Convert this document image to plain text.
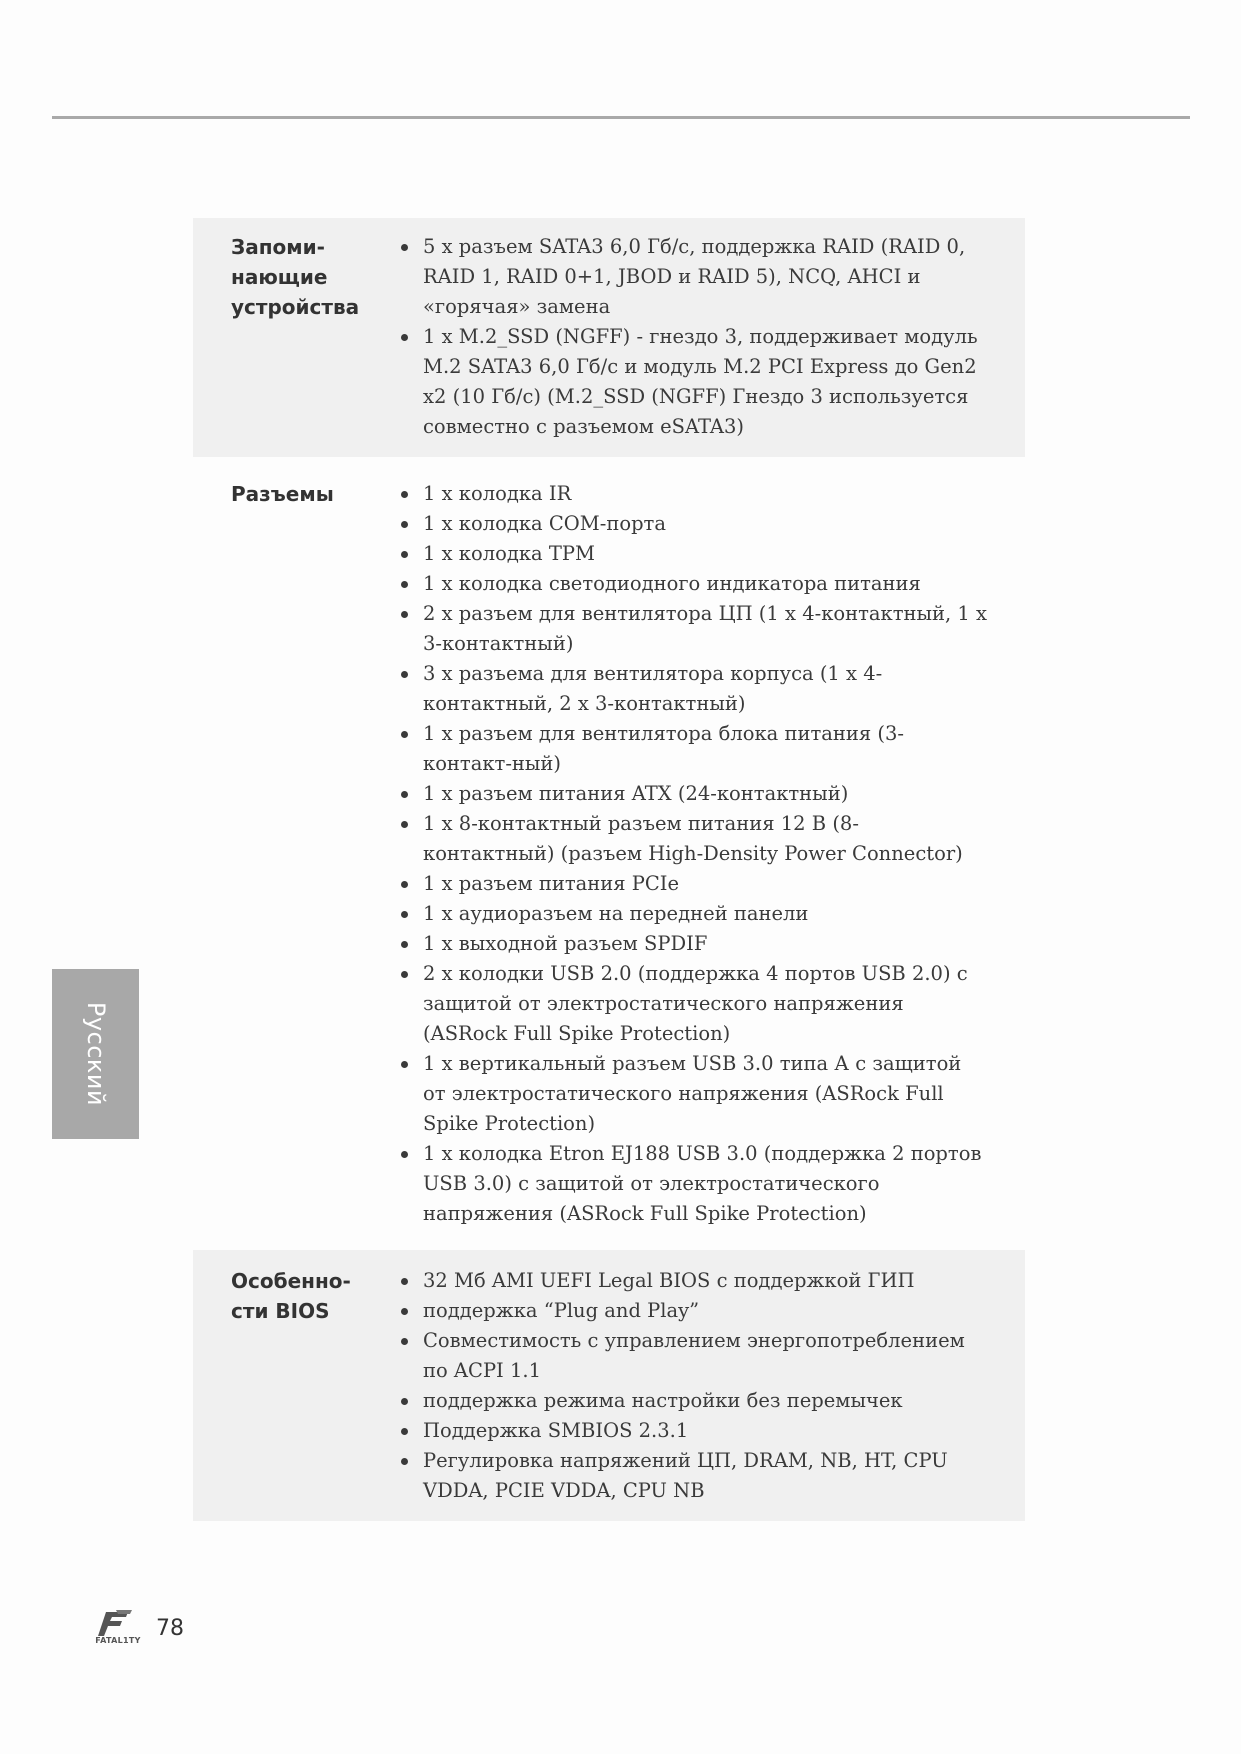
Запоми-
нающие
устройства
5 x разъем SATA3 6,0 Гб/с, поддержка RAID (RAID 0, RAID 1, RAID 0+1, JBOD и RAID 5), NCQ, AHCI и «горячая» замена
1 x M.2_SSD (NGFF) - гнездо 3, поддерживает модуль M.2 SATA3 6,0 Гб/с и модуль M.2 PCI Express до Gen2 x2 (10 Гб/с) (M.2_SSD (NGFF) Гнездо 3 используется совместно с разъемом eSATA3)
Разъемы	1 x колодка IR
1 x колодка COM-порта
1 x колодка TPM
1 x колодка светодиодного индикатора питания
2 x разъем для вентилятора ЦП (1 x 4-контактный, 1 x 3-контактный)
3 x разъема для вентилятора корпуса (1 x 4-контактный, 2 x 3-контактный)
1 x разъем для вентилятора блока питания (3-контакт-ный)
1 x разъем питания ATX (24-контактный)
1 x 8-контактный разъем питания 12 В (8-контактный) (разъем High-Density Power Connector)
1 x разъем питания PCIe
1 x аудиоразъем на передней панели
1 x выходной разъем SPDIF
2 x колодки USB 2.0 (поддержка 4 портов USB 2.0) с защитой от электростатического напряжения (ASRock Full Spike Protection)
1 x вертикальный разъем USB 3.0 типа А с защитой от электростатического напряжения (ASRock Full Spike Protection)
1 x колодка Etron EJ188 USB 3.0 (поддержка 2 портов USB 3.0) с защитой от электростатического напряжения (ASRock Full Spike Protection)
Особенно-
сти BIOS
32 Мб AMI UEFI Legal BIOS с поддержкой ГИП
поддержка “Plug and Play”
Совместимость с управлением энергопотреблением по ACPI 1.1
поддержка режима настройки без перемычек
Поддержка SMBIOS 2.3.1
Регулировка напряжений ЦП, DRAM, NB, HT, CPU VDDA, PCIE VDDA, CPU NB
Русский
FATAL1TY 78
